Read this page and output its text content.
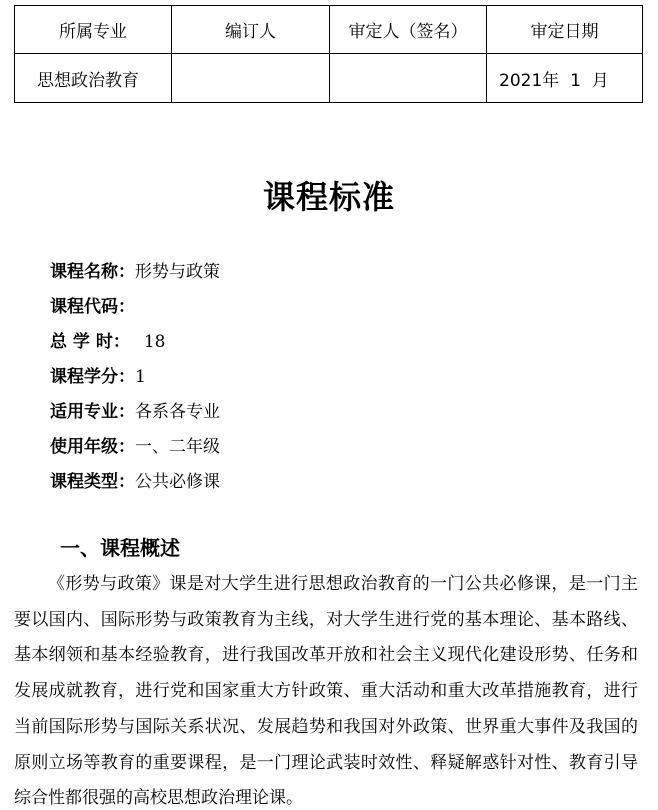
所属专业	编订人	审定人（签名）	审定日期
思想政治教育			2021年  1  月
课程标准
课程名称：形势与政策
课程代码：
总 学 时： 18
课程学分：1
适用专业：各系各专业
使用年级：一、二年级
课程类型：公共必修课
一、课程概述

《形势与政策》课是对大学生进行思想政治教育的一门公共必修课，是一门主要以国内、国际形势与政策教育为主线，对大学生进行党的基本理论、基本路线、基本纲领和基本经验教育，进行我国改革开放和社会主义现代化建设形势、任务和发展成就教育，进行党和国家重大方针政策、重大活动和重大改革措施教育，进行当前国际形势与国际关系状况、发展趋势和我国对外政策、世界重大事件及我国的原则立场等教育的重要课程，是一门理论武装时效性、释疑解惑针对性、教育引导综合性都很强的高校思想政治理论课。
